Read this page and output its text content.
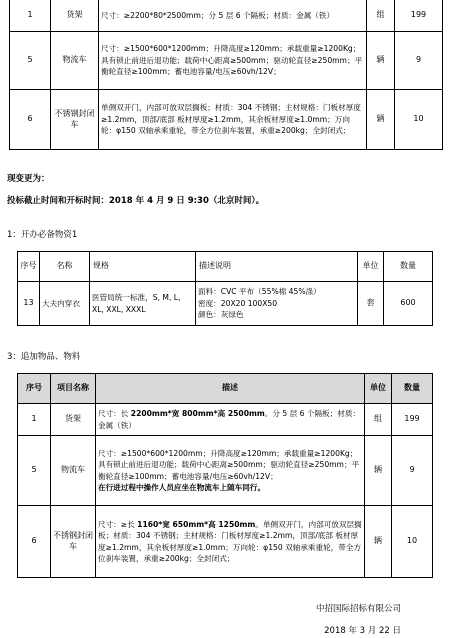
1	货架	尺寸：≥2200*80*2500mm；分 5 层 6 个隔板；材质：金属（铁）	组	199
5	物流车	尺寸：≥1500*600*1200mm；升降高度≥120mm；承载重量≥1200Kg；具有锁止前进后退功能；载荷中心距离≥500mm；驱动轮直径≥250mm；平衡轮直径≥100mm；蓄电池容量/电压≥60vh/12V；	辆	9
6	不锈钢封闭车	单侧双开门，内部可放双层搁板；材质：304 不锈钢；主材规格：门板材厚度≥1.2mm，顶部/底部 板材厚度≥1.2mm，其余板材厚度≥1.0mm；万向轮：φ150 双轴承乘重轮，带全方位刹车装置，承重≥200kg；全封闭式；	辆	10
现变更为：
投标截止时间和开标时间：2018 年 4 月 9 日 9:30（北京时间）。
1：开办必备物资1
序号	名称	规格	描述说明	单位	数量
13	大夫内穿衣	医管局统一标准，S, M, L, XL, XXL, XXXL	面料：CVC 平布（55%棉 45%涤）
密度：20X20 100X50
颜色：灰绿色	套	600
3：追加物品、物料
序号	项目名称	描述	单位	数量
1	货架	尺寸：长 2200mm*宽 800mm*高 2500mm。分 5 层 6 个隔板；材质：金属（铁）	组	199
5	物流车	尺寸：≥1500*600*1200mm；升降高度≥120mm；承载重量≥1200Kg；具有锁止前进后退功能；载荷中心距离≥500mm；驱动轮直径≥250mm；平衡轮直径≥100mm；蓄电池容量/电压≥60vh/12V；
在行进过程中操作人员应坐在物流车上随车同行。	辆	9
6	不锈钢封闭车	尺寸：≥长 1160*宽 650mm*高 1250mm。单侧双开门，内部可放双层搁板；材质：304 不锈钢；主材规格：门板材厚度≥1.2mm，顶部/底部 板材厚度≥1.2mm，其余板材厚度≥1.0mm；万向轮：φ150 双轴承乘重轮，带全方位刹车装置，承重≥200kg；全封闭式；	辆	10
中招国际招标有限公司
2018 年 3 月 22 日
